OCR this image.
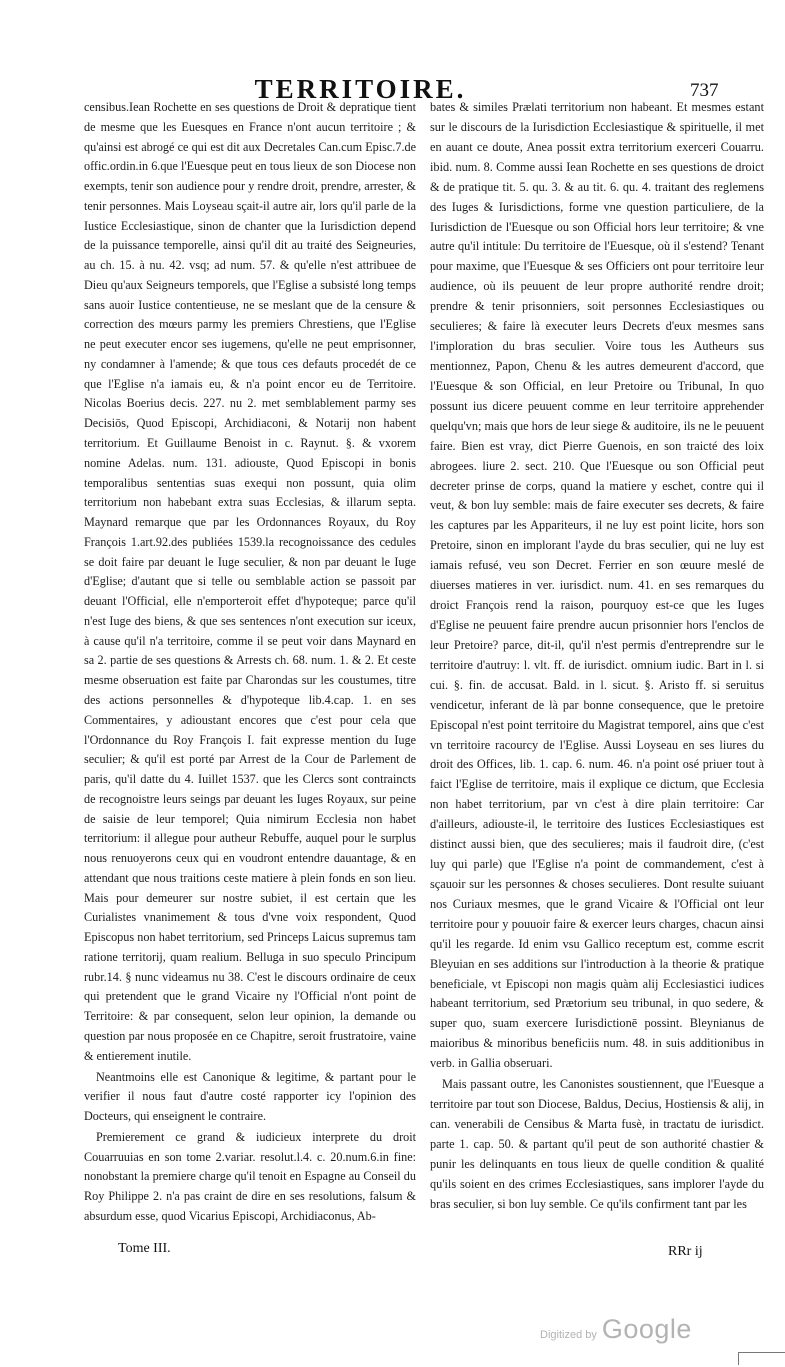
TERRITOIRE.	737

censibus.Iean Rochette en ses questions de Droit & depratique tient de mesme que les Euesques en France n'ont aucun territoire ; & qu'ainsi est abrogé ce qui est dit aux Decretales Can.cum Episc.7.de offic.ordin.in 6.que l'Euesque peut en tous lieux de son Diocese non exempts, tenir son audience pour y rendre droit, prendre, arrester, & tenir personnes. Mais Loyseau sçait-il autre air, lors qu'il parle de la Iustice Ecclesiastique, sinon de chanter que la Iurisdiction depend de la puissance temporelle, ainsi qu'il dit au traité des Seigneuries, au ch. 15. à nu. 42. vsq; ad num. 57. & qu'elle n'est attribuee de Dieu qu'aux Seigneurs temporels, que l'Eglise a subsisté long temps sans auoir Iustice contentieuse, ne se meslant que de la censure & correction des mœurs parmy les premiers Chrestiens, que l'Eglise ne peut executer encor ses iugemens, qu'elle ne peut emprisonner, ny condamner à l'amende; & que tous ces defauts procedét de ce que l'Eglise n'a iamais eu, & n'a point encor eu de Territoire. Nicolas Boerius decis. 227. nu 2. met semblablement parmy ses Decisiōs, Quod Episcopi, Archidiaconi, & Notarij non habent territorium. Et Guillaume Benoist in c. Raynut. §. & vxorem nomine Adelas. num. 131. adiouste, Quod Episcopi in bonis temporalibus sententias suas exequi non possunt, quia olim territorium non habebant extra suas Ecclesias, & illarum septa. Maynard remarque que par les Ordonnances Royaux, du Roy François 1.art.92.des publiées 1539.la recognoissance des cedules se doit faire par deuant le Iuge seculier, & non par deuant le Iuge d'Eglise; d'autant que si telle ou semblable action se passoit par deuant l'Official, elle n'emporteroit effet d'hypoteque; parce qu'il n'est Iuge des biens, & que ses sentences n'ont execution sur iceux, à cause qu'il n'a territoire, comme il se peut voir dans Maynard en sa 2. partie de ses questions & Arrests ch. 68. num. 1. & 2. Et ceste mesme obseruation est faite par Charondas sur les coustumes, titre des actions personnelles & d'hypoteque lib.4.cap. 1. en ses Commentaires, y adioustant encores que c'est pour cela que l'Ordonnance du Roy François I. fait expresse mention du Iuge seculier; & qu'il est porté par Arrest de la Cour de Parlement de paris, qu'il datte du 4. Iuillet 1537. que les Clercs sont contraincts de recognoistre leurs seings par deuant les Iuges Royaux, sur peine de saisie de leur temporel; Quia nimirum Ecclesia non habet territorium: il allegue pour autheur Rebuffe, auquel pour le surplus nous renuoyerons ceux qui en voudront entendre dauantage, & en attendant que nous traitions ceste matiere à plein fonds en son lieu. Mais pour demeurer sur nostre subiet, il est certain que les Curialistes vnanimement & tous d'vne voix respondent, Quod Episcopus non habet territorium, sed Princeps Laicus supremus tam ratione territorij, quam realium. Belluga in suo speculo Principum rubr.14. § nunc videamus nu 38. C'est le discours ordinaire de ceux qui pretendent que le grand Vicaire ny l'Official n'ont point de Territoire: & par consequent, selon leur opinion, la demande ou question par nous proposée en ce Chapitre, seroit frustratoire, vaine & entierement inutile.

Neantmoins elle est Canonique & legitime, & partant pour le verifier il nous faut d'autre costé rapporter icy l'opinion des Docteurs, qui enseignent le contraire.

Premierement ce grand & iudicieux interprete du droit Couarruuias en son tome 2.variar. resolut.l.4. c. 20.num.6.in fine: nonobstant la premiere charge qu'il tenoit en Espagne au Conseil du Roy Philippe 2. n'a pas craint de dire en ses resolutions, falsum & absurdum esse, quod Vicarius Episcopi, Archidiaconus, Ab-

bates & similes Prælati territorium non habeant. Et mesmes estant sur le discours de la Iurisdiction Ecclesiastique & spirituelle, il met en auant ce doute, Anea possit extra territorium exerceri Couarru. ibid. num. 8. Comme aussi Iean Rochette en ses questions de droict & de pratique tit. 5. qu. 3. & au tit. 6. qu. 4. traitant des reglemens des Iuges & Iurisdictions, forme vne question particuliere, de la Iurisdiction de l'Euesque ou son Official hors leur territoire; & vne autre qu'il intitule: Du territoire de l'Euesque, où il s'estend? Tenant pour maxime, que l'Euesque & ses Officiers ont pour territoire leur audience, où ils peuuent de leur propre authorité rendre droit; prendre & tenir prisonniers, soit personnes Ecclesiastiques ou seculieres; & faire là executer leurs Decrets d'eux mesmes sans l'imploration du bras seculier. Voire tous les Autheurs sus mentionnez, Papon, Chenu & les autres demeurent d'accord, que l'Euesque & son Official, en leur Pretoire ou Tribunal, In quo possunt ius dicere peuuent comme en leur territoire apprehender quelqu'vn; mais que hors de leur siege & auditoire, ils ne le peuuent faire. Bien est vray, dict Pierre Guenois, en son traicté des loix abrogees. liure 2. sect. 210. Que l'Euesque ou son Official peut decreter prinse de corps, quand la matiere y eschet, contre qui il veut, & bon luy semble: mais de faire executer ses decrets, & faire les captures par les Appariteurs, il ne luy est point licite, hors son Pretoire, sinon en implorant l'ayde du bras seculier, qui ne luy est iamais refusé, veu son Decret. Ferrier en son œuure meslé de diuerses matieres in ver. iurisdict. num. 41. en ses remarques du droict François rend la raison, pourquoy est-ce que les Iuges d'Eglise ne peuuent faire prendre aucun prisonnier hors l'enclos de leur Pretoire? parce, dit-il, qu'il n'est permis d'entreprendre sur le territoire d'autruy: l. vlt. ff. de iurisdict. omnium iudic. Bart in l. si cui. §. fin. de accusat. Bald. in l. sicut. §. Aristo ff. si seruitus vendicetur, inferant de là par bonne consequence, que le pretoire Episcopal n'est point territoire du Magistrat temporel, ains que c'est vn territoire racourcy de l'Eglise. Aussi Loyseau en ses liures du droit des Offices, lib. 1. cap. 6. num. 46. n'a point osé priuer tout à faict l'Eglise de territoire, mais il explique ce dictum, que Ecclesia non habet territorium, par vn c'est à dire plain territoire: Car d'ailleurs, adiouste-il, le territoire des Iustices Ecclesiastiques est distinct aussi bien, que des seculieres; mais il faudroit dire, (c'est luy qui parle) que l'Eglise n'a point de commandement, c'est à sçauoir sur les personnes & choses seculieres. Dont resulte suiuant nos Curiaux mesmes, que le grand Vicaire & l'Official ont leur territoire pour y pouuoir faire & exercer leurs charges, chacun ainsi qu'il les regarde. Id enim vsu Gallico receptum est, comme escrit Bleyuian en ses additions sur l'introduction à la theorie & pratique beneficiale, vt Episcopi non magis quàm alij Ecclesiastici iudices habeant territorium, sed Prætorium seu tribunal, in quo sedere, & super quo, suam exercere Iurisdictionē possint. Bleynianus de maioribus & minoribus beneficiis num. 48. in suis additionibus in verb. in Gallia obseruari.

Mais passant outre, les Canonistes soustiennent, que l'Euesque a territoire par tout son Diocese, Baldus, Decius, Hostiensis & alij, in can. venerabili de Censibus & Marta fusè, in tractatu de iurisdict. parte 1. cap. 50. & partant qu'il peut de son authorité chastier & punir les delinquants en tous lieux de quelle condition & qualité qu'ils soient en des crimes Ecclesiastiques, sans implorer l'ayde du bras seculier, si bon luy semble. Ce qu'ils confirment tant par les

Tome III.	RRr ij
Digitized by Google
